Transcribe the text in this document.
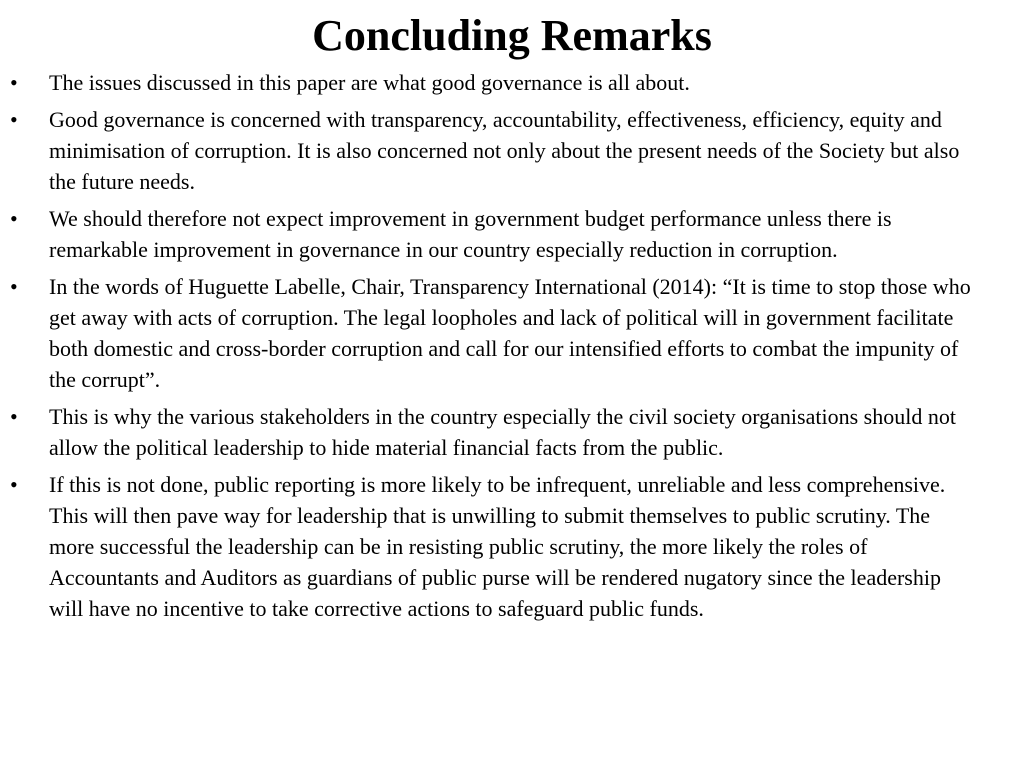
Concluding Remarks
•	The issues discussed in this paper are what good governance is all about.
•	Good governance is concerned with transparency, accountability, effectiveness, efficiency, equity and minimisation of corruption. It is also concerned not only about the present needs of the Society but also the future needs.
•	We should therefore not expect improvement in government budget performance unless there is remarkable improvement in governance in our country especially reduction in corruption.
•	In the words of Huguette Labelle, Chair, Transparency International (2014): “It is time to stop those who get away with acts of corruption. The legal loopholes and lack of political will in government facilitate both domestic and cross-border corruption and call for our intensified efforts to combat the impunity of the corrupt”.
•	This is why the various stakeholders in the country especially the civil society organisations should not allow the political leadership to hide material financial facts from the public.
•	If this is not done, public reporting is more likely to be infrequent, unreliable and less comprehensive. This will then pave way for leadership that is unwilling to submit themselves to public scrutiny. The more successful the leadership can be in resisting public scrutiny, the more likely the roles of Accountants and Auditors as guardians of public purse will be rendered nugatory since the leadership will have no incentive to take corrective actions to safeguard public funds.
